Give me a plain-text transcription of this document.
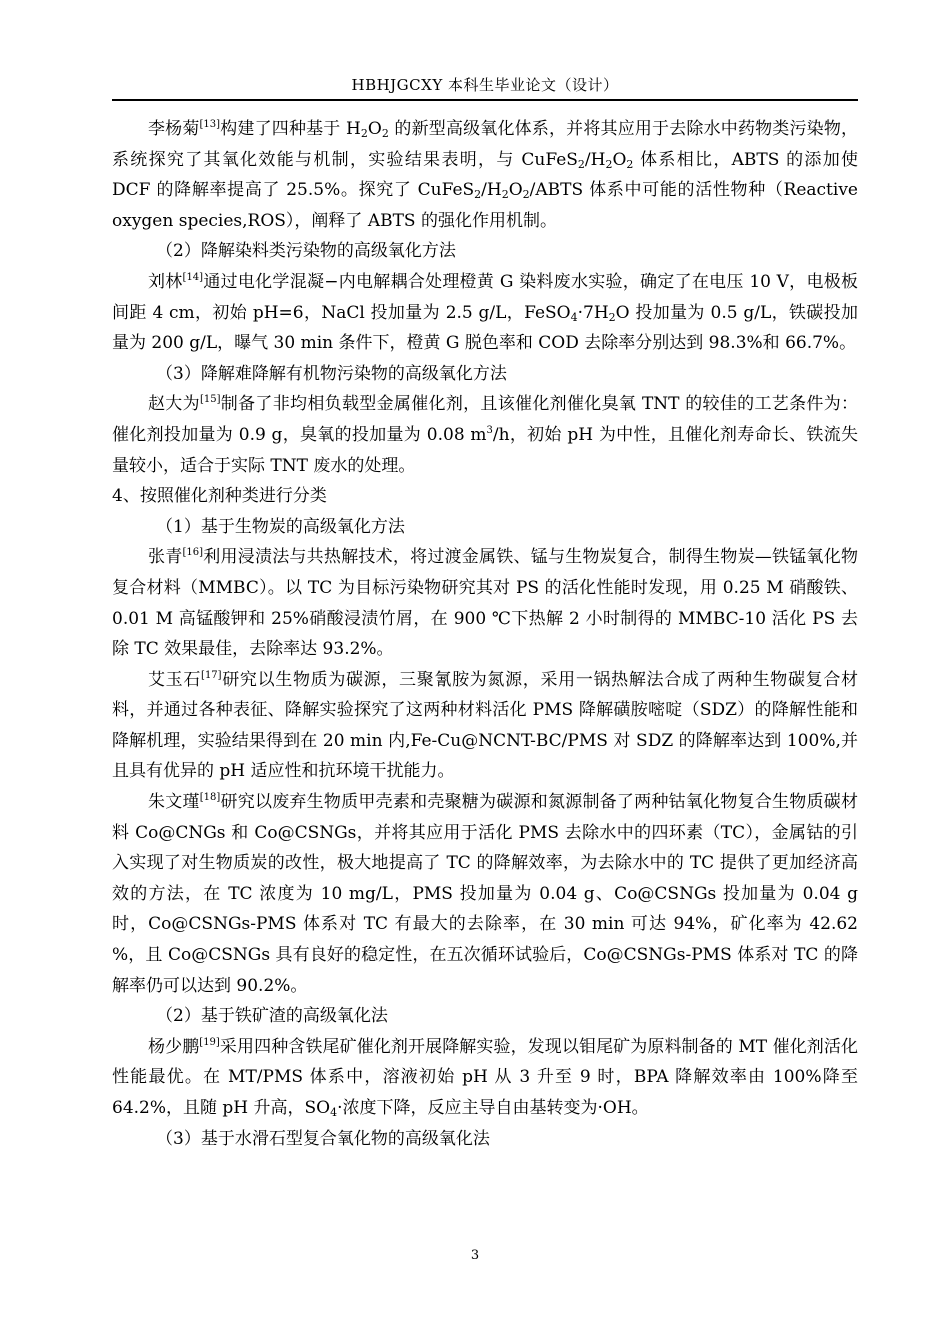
HBHJGCXY 本科生毕业论文（设计）

李杨菊[13]构建了四种基于 $H_2O_2$ 的新型高级氧化体系，并将其应用于去除水中药物类污染物，系统探究了其氧化效能与机制，实验结果表明，与 $CuFeS_2/H_2O_2$ 体系相比，ABTS 的添加使 DCF 的降解率提高了 25.5%。探究了 $CuFeS_2/H_2O_2$/ABTS 体系中可能的活性物种（Reactive oxygen species,ROS），阐释了 ABTS 的强化作用机制。

（2）降解染料类污染物的高级氧化方法

刘林[14]通过电化学混凝−内电解耦合处理橙黄 G 染料废水实验，确定了在电压 10 V，电极板间距 4 cm，初始 pH=6，NaCl 投加量为 2.5 g/L，$FeSO_4\cdot 7H_2O$ 投加量为 0.5 g/L，铁碳投加量为 200 g/L，曝气 30 min 条件下，橙黄 G 脱色率和 COD 去除率分别达到 98.3%和 66.7%。

（3）降解难降解有机物污染物的高级氧化方法

赵大为[15]制备了非均相负载型金属催化剂，且该催化剂催化臭氧 TNT 的较佳的工艺条件为：催化剂投加量为 0.9 g，臭氧的投加量为 0.08 $m^3/h$，初始 pH 为中性，且催化剂寿命长、铁流失量较小，适合于实际 TNT 废水的处理。

4、按照催化剂种类进行分类

（1）基于生物炭的高级氧化方法

张青[16]利用浸渍法与共热解技术，将过渡金属铁、锰与生物炭复合，制得生物炭—铁锰氧化物复合材料（MMBC）。以 TC 为目标污染物研究其对 PS 的活化性能时发现，用 0.25 M 硝酸铁、0.01 M 高锰酸钾和 25%硝酸浸渍竹屑，在 900 ℃下热解 2 小时制得的 MMBC-10 活化 PS 去除 TC 效果最佳，去除率达 93.2%。

艾玉石[17]研究以生物质为碳源，三聚氰胺为氮源，采用一锅热解法合成了两种生物碳复合材料，并通过各种表征、降解实验探究了这两种材料活化 PMS 降解磺胺嘧啶（SDZ）的降解性能和降解机理，实验结果得到在 20 min 内,Fe-Cu@NCNT-BC/PMS 对 SDZ 的降解率达到 100%,并且具有优异的 pH 适应性和抗环境干扰能力。

朱文瑾[18]研究以废弃生物质甲壳素和壳聚糖为碳源和氮源制备了两种钴氧化物复合生物质碳材料 Co@CNGs 和 Co@CSNGs，并将其应用于活化 PMS 去除水中的四环素（TC），金属钴的引入实现了对生物质炭的改性，极大地提高了 TC 的降解效率，为去除水中的 TC 提供了更加经济高效的方法，在 TC 浓度为 10 mg/L，PMS 投加量为 0.04 g、Co@CSNGs 投加量为 0.04 g 时，Co@CSNGs-PMS 体系对 TC 有最大的去除率，在 30 min 可达 94%，矿化率为 42.62 %，且 Co@CSNGs 具有良好的稳定性，在五次循环试验后，Co@CSNGs-PMS 体系对 TC 的降解率仍可以达到 90.2%。

（2）基于铁矿渣的高级氧化法

杨少鹏[19]采用四种含铁尾矿催化剂开展降解实验，发现以钼尾矿为原料制备的 MT 催化剂活化性能最优。在 MT/PMS 体系中，溶液初始 pH 从 3 升至 9 时，BPA 降解效率由 100%降至 64.2%，且随 pH 升高，$SO_4\cdot$浓度下降，反应主导自由基转变为·OH。

（3）基于水滑石型复合氧化物的高级氧化法

3
